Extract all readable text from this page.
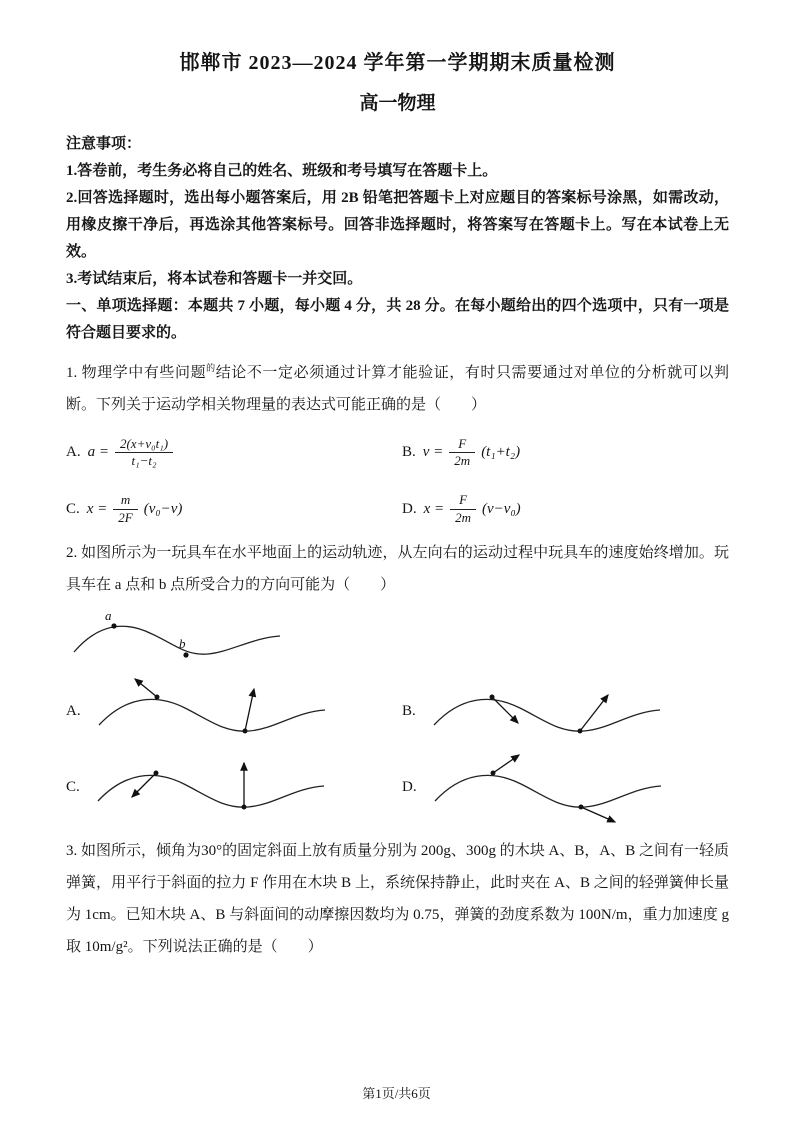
邯郸市 2023—2024 学年第一学期期末质量检测
高一物理

注意事项：

1.答卷前，考生务必将自己的姓名、班级和考号填写在答题卡上。

2.回答选择题时，选出每小题答案后，用 2B 铅笔把答题卡上对应题目的答案标号涂黑，如需改动，用橡皮擦干净后，再选涂其他答案标号。回答非选择题时，将答案写在答题卡上。写在本试卷上无效。

3.考试结束后，将本试卷和答题卡一并交回。

一、单项选择题：本题共 7 小题，每小题 4 分，共 28 分。在每小题给出的四个选项中，只有一项是符合题目要求的。

1. 物理学中有些问题$^的$结论不一定必须通过计算才能验证，有时只需要通过对单位的分析就可以判断。下列关于运动学相关物理量的表达式可能正确的是（　　）

A. $a = \frac{\text{2(x+v₀t₁)}}{\text{t₁−t₂}}$	B. $v = \frac{F}{2m} (t_1+t_2)$
C. $x = \frac{m}{2F} (v_0-v)$	D. $x = \frac{F}{2m} (v-v_0)$

2. 如图所示为一玩具车在水平地面上的运动轨迹，从左向右的运动过程中玩具车的速度始终增加。玩具车在 a 点和 b 点所受合力的方向可能为（　　）

a
b
A.	B.
C.	D.

3. 如图所示，倾角为30°的固定斜面上放有质量分别为 200g、300g 的木块 A、B，A、B 之间有一轻质弹簧，用平行于斜面的拉力 F 作用在木块 B 上，系统保持静止，此时夹在 A、B 之间的轻弹簧伸长量为 1cm。已知木块 A、B 与斜面间的动摩擦因数均为 0.75，弹簧的劲度系数为 100N/m，重力加速度 g 取 10m/g²。下列说法正确的是（　　）

第1页/共6页
